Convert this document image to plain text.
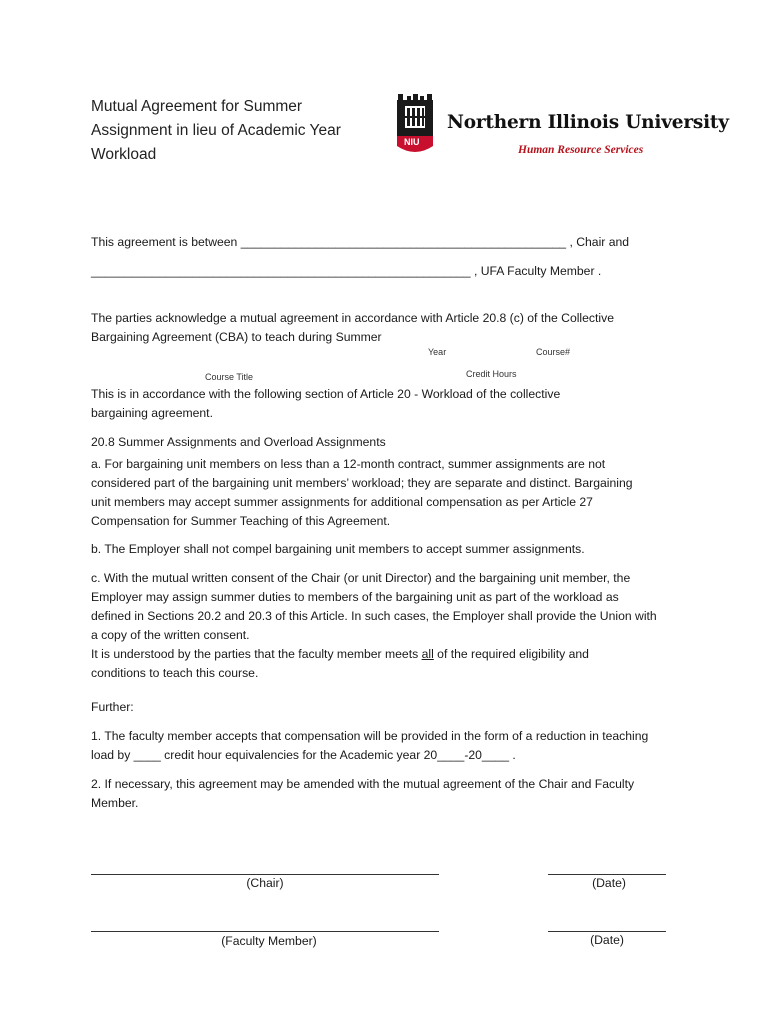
Mutual Agreement for Summer
Assignment in lieu of Academic Year
Workload
NIU
Northern Illinois University
Human Resource Services
This agreement is between ________________________________________________ , Chair and
________________________________________________________ , UFA Faculty Member .
The parties acknowledge a mutual agreement in accordance with Article 20.8 (c) of the Collective
Bargaining Agreement (CBA) to teach during Summer
Year	Course#
Credit Hours
Course Title
This is in accordance with the following section of Article 20 - Workload of the collective
bargaining agreement.
20.8 Summer Assignments and Overload Assignments
a. For bargaining unit members on less than a 12-month contract, summer assignments are not
considered part of the bargaining unit members’ workload; they are separate and distinct. Bargaining
unit members may accept summer assignments for additional compensation as per Article 27
Compensation for Summer Teaching of this Agreement.
b. The Employer shall not compel bargaining unit members to accept summer assignments.
c. With the mutual written consent of the Chair (or unit Director) and the bargaining unit member, the
Employer may assign summer duties to members of the bargaining unit as part of the workload as
defined in Sections 20.2 and 20.3 of this Article. In such cases, the Employer shall provide the Union with
a copy of the written consent.
It is understood by the parties that the faculty member meets all of the required eligibility and
conditions to teach this course.
Further:
1. The faculty member accepts that compensation will be provided in the form of a reduction in teaching
load by ____ credit hour equivalencies for the Academic year 20____-20____ .
2. If necessary, this agreement may be amended with the mutual agreement of the Chair and Faculty
Member.
(Chair)	(Date)
(Faculty Member)	(Date)
